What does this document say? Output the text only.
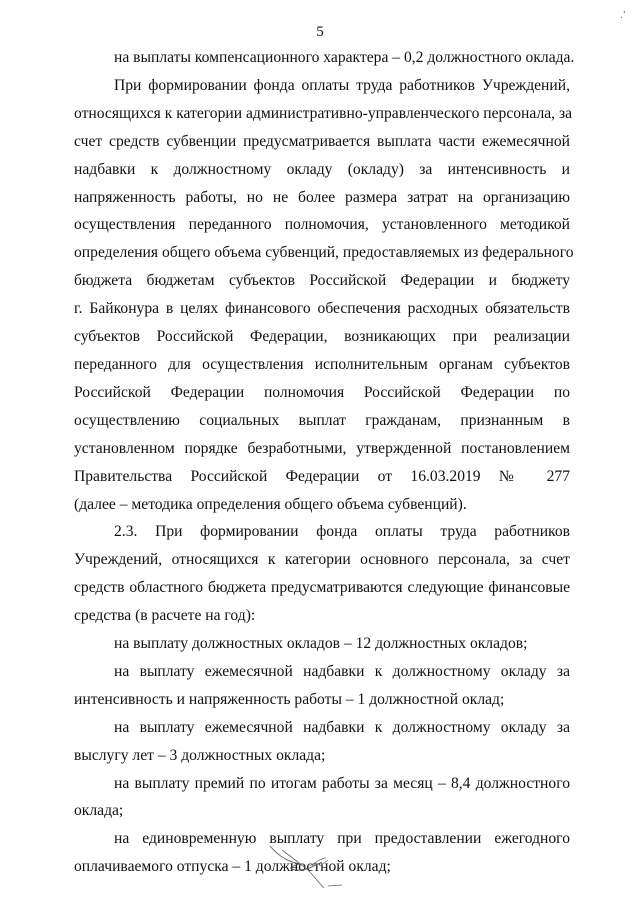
.’
5
на выплаты компенсационного характера – 0,2 должностного оклада.
При формировании фонда оплаты труда работников Учреждений,
относящихся к категории административно-управленческого персонала, за
счет средств субвенции предусматривается выплата части ежемесячной
надбавки к должностному окладу (окладу) за интенсивность и
напряженность работы, но не более размера затрат на организацию
осуществления переданного полномочия, установленного методикой
определения общего объема субвенций, предоставляемых из федерального
бюджета бюджетам субъектов Российской Федерации и бюджету
г. Байконура в целях финансового обеспечения расходных обязательств
субъектов Российской Федерации, возникающих при реализации
переданного для осуществления исполнительным органам субъектов
Российской Федерации полномочия Российской Федерации по
осуществлению социальных выплат гражданам, признанным в
установленном порядке безработными, утвержденной постановлением
Правительства Российской Федерации от 16.03.2019 № 277
(далее – методика определения общего объема субвенций).
2.3. При формировании фонда оплаты труда работников
Учреждений, относящихся к категории основного персонала, за счет
средств областного бюджета предусматриваются следующие финансовые
средства (в расчете на год):
на выплату должностных окладов – 12 должностных окладов;
на выплату ежемесячной надбавки к должностному окладу за
интенсивность и напряженность работы – 1 должностной оклад;
на выплату ежемесячной надбавки к должностному окладу за
выслугу лет – 3 должностных оклада;
на выплату премий по итогам работы за месяц – 8,4 должностного
оклада;
на единовременную выплату при предоставлении ежегодного
оплачиваемого отпуска – 1 должностной оклад;
